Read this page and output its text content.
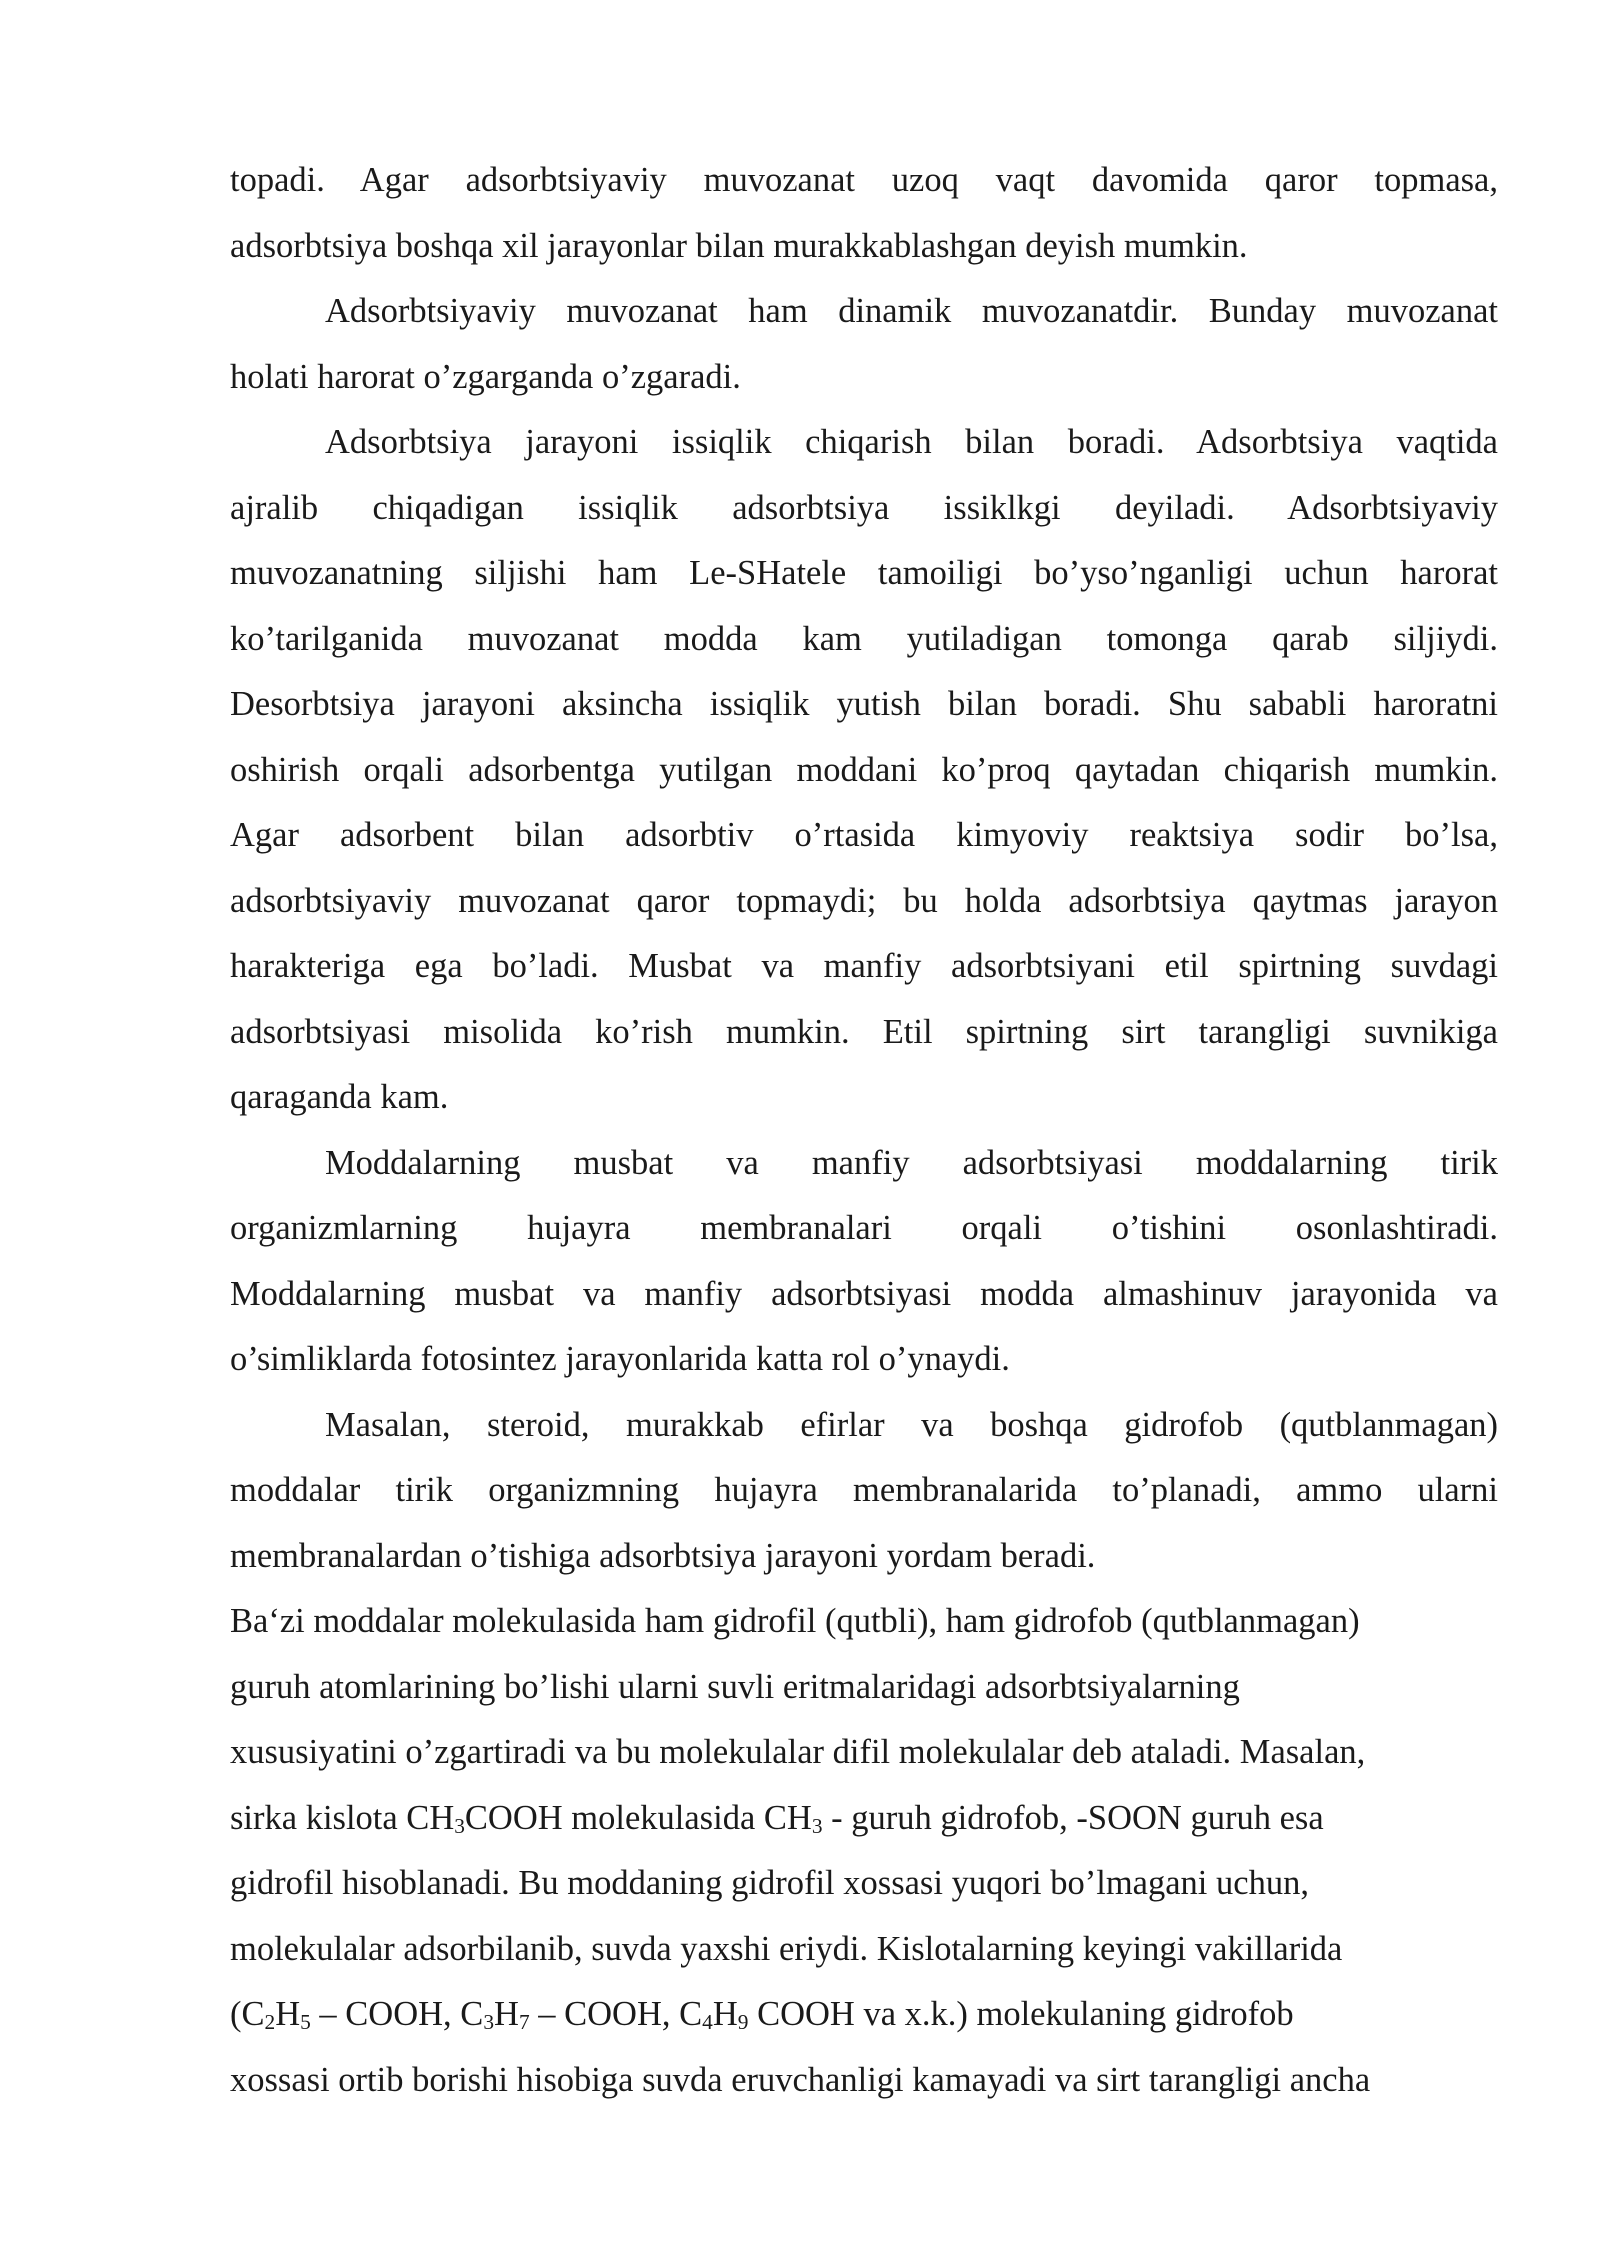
topadi. Agar adsorbtsiyaviy muvozanat uzoq vaqt davomida qaror topmasa,
adsorbtsiya boshqa xil jarayonlar bilan murakkablashgan deyish mumkin.

Adsorbtsiyaviy muvozanat ham dinamik muvozanatdir. Bunday muvozanat
holati harorat o’zgarganda o’zgaradi.

Adsorbtsiya jarayoni issiqlik chiqarish bilan boradi. Adsorbtsiya vaqtida
ajralib chiqadigan issiqlik adsorbtsiya issiklkgi deyiladi. Adsorbtsiyaviy
muvozanatning siljishi ham Le-SHatele tamoiligi bo’yso’nganligi uchun harorat
ko’tarilganida muvozanat modda kam yutiladigan tomonga qarab siljiydi.
Desorbtsiya jarayoni aksincha issiqlik yutish bilan boradi. Shu sababli haroratni
oshirish orqali adsorbentga yutilgan moddani ko’proq qaytadan chiqarish mumkin.
Agar adsorbent bilan adsorbtiv o’rtasida kimyoviy reaktsiya sodir bo’lsa,
adsorbtsiyaviy muvozanat qaror topmaydi; bu holda adsorbtsiya qaytmas jarayon
harakteriga ega bo’ladi. Musbat va manfiy adsorbtsiyani etil spirtning suvdagi
adsorbtsiyasi misolida ko’rish mumkin. Etil spirtning sirt tarangligi suvnikiga
qaraganda kam.

Moddalarning musbat va manfiy adsorbtsiyasi moddalarning tirik
organizmlarning hujayra membranalari orqali o’tishini osonlashtiradi.
Moddalarning musbat va manfiy adsorbtsiyasi modda almashinuv jarayonida va
o’simliklarda fotosintez jarayonlarida katta rol o’ynaydi.

Masalan, steroid, murakkab efirlar va boshqa gidrofob (qutblanmagan)
moddalar tirik organizmning hujayra membranalarida to’planadi, ammo ularni
membranalardan o’tishiga adsorbtsiya jarayoni yordam beradi.

Ba‘zi moddalar molekulasida ham gidrofil (qutbli), ham gidrofob (qutblanmagan)
guruh atomlarining bo’lishi ularni suvli eritmalaridagi adsorbtsiyalarning
xususiyatini o’zgartiradi va bu molekulalar difil molekulalar deb ataladi. Masalan,
sirka kislota $CH_3COOH$ molekulasida $CH_3$ - guruh gidrofob, -SOON guruh esa
gidrofil hisoblanadi. Bu moddaning gidrofil xossasi yuqori bo’lmagani uchun,
molekulalar adsorbilanib, suvda yaxshi eriydi. Kislotalarning keyingi vakillarida
($C_2H_5$ – COOH, $C_3H_7$ – COOH, $C_4H_9$ COOH va x.k.) molekulaning gidrofob
xossasi ortib borishi hisobiga suvda eruvchanligi kamayadi va sirt tarangligi ancha
